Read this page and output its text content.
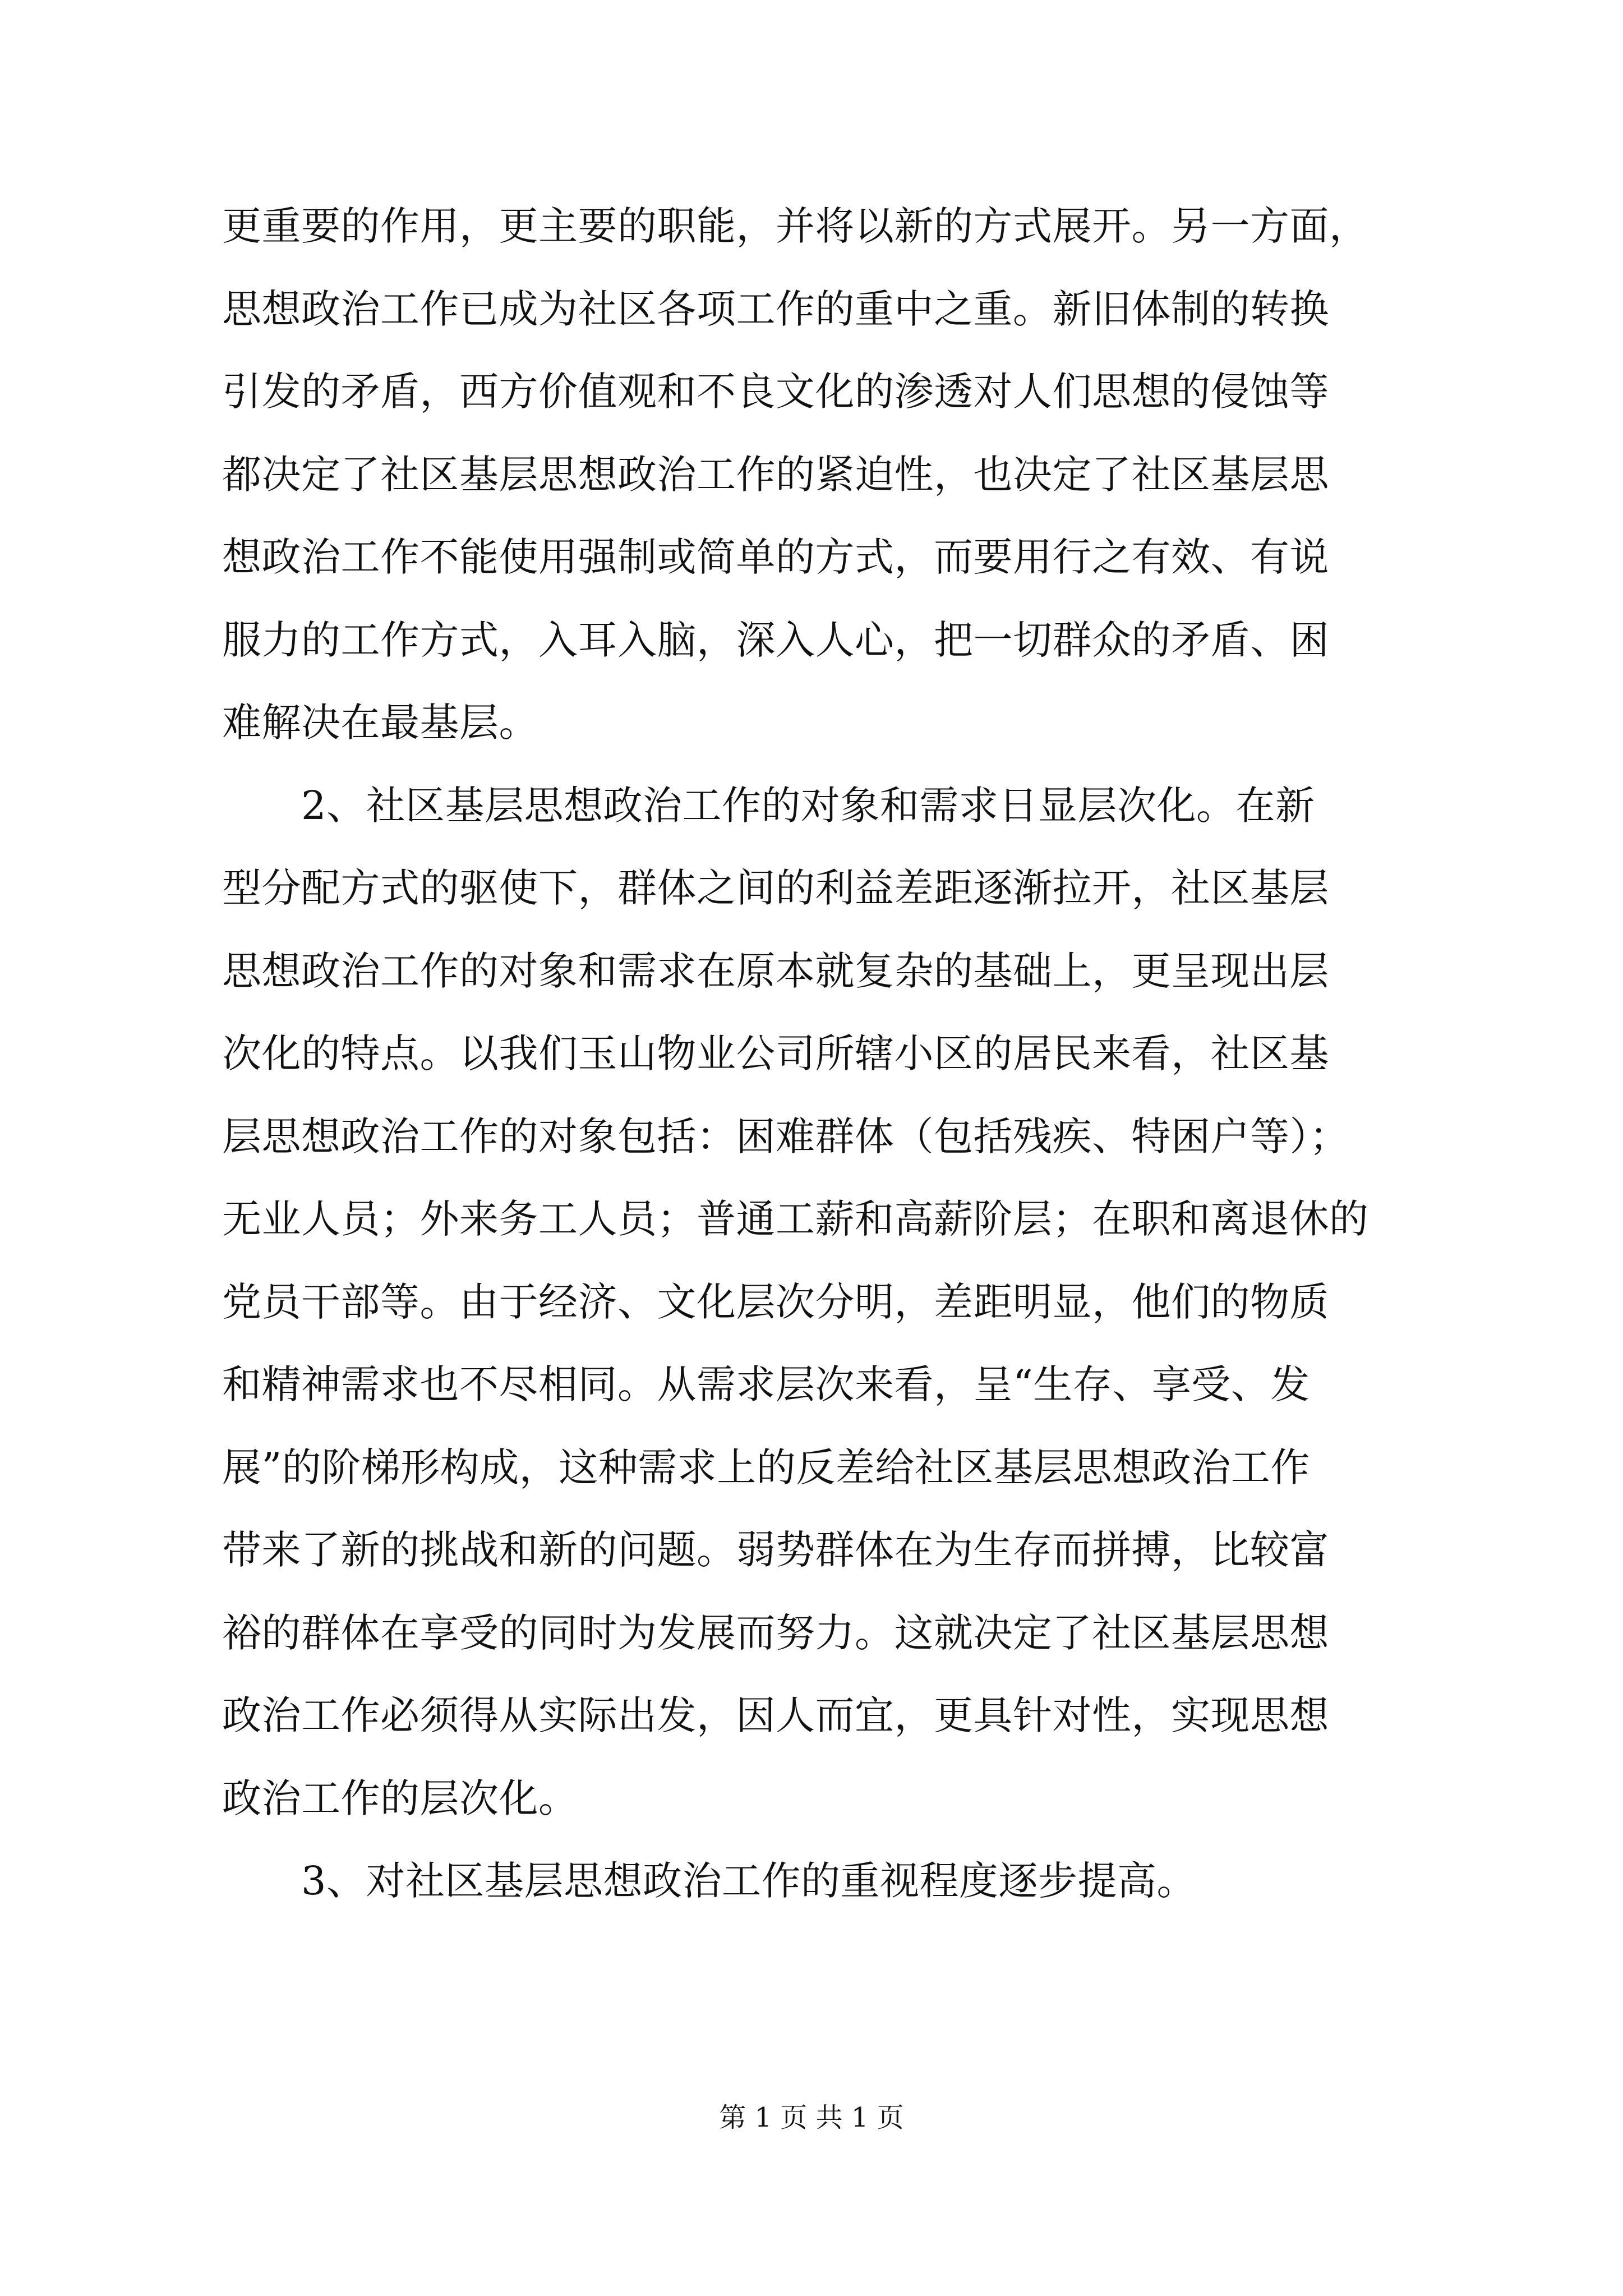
更重要的作用，更主要的职能，并将以新的方式展开。另一方面，
思想政治工作已成为社区各项工作的重中之重。新旧体制的转换
引发的矛盾，西方价值观和不良文化的渗透对人们思想的侵蚀等
都决定了社区基层思想政治工作的紧迫性，也决定了社区基层思
想政治工作不能使用强制或简单的方式，而要用行之有效、有说
服力的工作方式，入耳入脑，深入人心，把一切群众的矛盾、困
难解决在最基层。
　　2、社区基层思想政治工作的对象和需求日显层次化。在新
型分配方式的驱使下，群体之间的利益差距逐渐拉开，社区基层
思想政治工作的对象和需求在原本就复杂的基础上，更呈现出层
次化的特点。以我们玉山物业公司所辖小区的居民来看，社区基
层思想政治工作的对象包括：困难群体（包括残疾、特困户等）；
无业人员；外来务工人员；普通工薪和高薪阶层；在职和离退休的
党员干部等。由于经济、文化层次分明，差距明显，他们的物质
和精神需求也不尽相同。从需求层次来看，呈“生存、享受、发
展”的阶梯形构成，这种需求上的反差给社区基层思想政治工作
带来了新的挑战和新的问题。弱势群体在为生存而拼搏，比较富
裕的群体在享受的同时为发展而努力。这就决定了社区基层思想
政治工作必须得从实际出发，因人而宜，更具针对性，实现思想
政治工作的层次化。
　　3、对社区基层思想政治工作的重视程度逐步提高。
第 1 页 共 1 页
